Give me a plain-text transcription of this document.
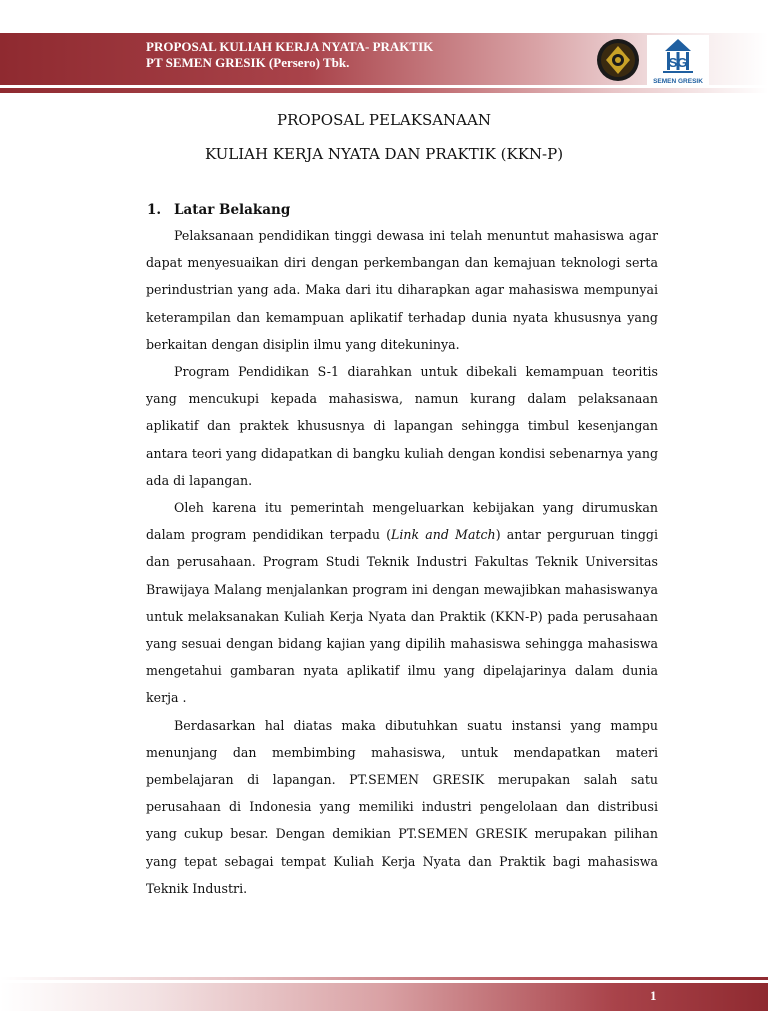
PROPOSAL KULIAH KERJA NYATA- PRAKTIK
PT SEMEN GRESIK (Persero) Tbk.	SG
SEMEN GRESIK
PROPOSAL PELAKSANAAN
KULIAH KERJA NYATA DAN PRAKTIK (KKN-P)
1. Latar Belakang

Pelaksanaan pendidikan tinggi dewasa ini telah menuntut mahasiswa agar dapat menyesuaikan diri dengan perkembangan dan kemajuan teknologi serta perindustrian yang ada. Maka dari itu diharapkan agar mahasiswa mempunyai keterampilan dan kemampuan aplikatif terhadap dunia nyata khususnya yang berkaitan dengan disiplin ilmu yang ditekuninya.

Program Pendidikan S-1 diarahkan untuk dibekali kemampuan teoritis yang mencukupi kepada mahasiswa, namun kurang dalam pelaksanaan aplikatif dan praktek khususnya di lapangan sehingga timbul kesenjangan antara teori yang didapatkan di bangku kuliah dengan kondisi sebenarnya yang ada di lapangan.

Oleh karena itu pemerintah mengeluarkan kebijakan yang dirumuskan dalam program pendidikan terpadu (Link and Match) antar perguruan tinggi dan perusahaan. Program Studi Teknik Industri Fakultas Teknik Universitas Brawijaya Malang menjalankan program ini dengan mewajibkan mahasiswanya untuk melaksanakan Kuliah Kerja Nyata dan Praktik (KKN-P) pada perusahaan yang sesuai dengan bidang kajian yang dipilih mahasiswa sehingga mahasiswa mengetahui gambaran nyata aplikatif ilmu yang dipelajarinya dalam dunia kerja .

Berdasarkan hal diatas maka dibutuhkan suatu instansi yang mampu menunjang dan membimbing mahasiswa, untuk mendapatkan materi pembelajaran di lapangan. PT.SEMEN GRESIK merupakan salah satu perusahaan di Indonesia yang memiliki industri pengelolaan dan distribusi yang cukup besar. Dengan demikian PT.SEMEN GRESIK merupakan pilihan yang tepat sebagai tempat Kuliah Kerja Nyata dan Praktik bagi mahasiswa Teknik Industri.

1
